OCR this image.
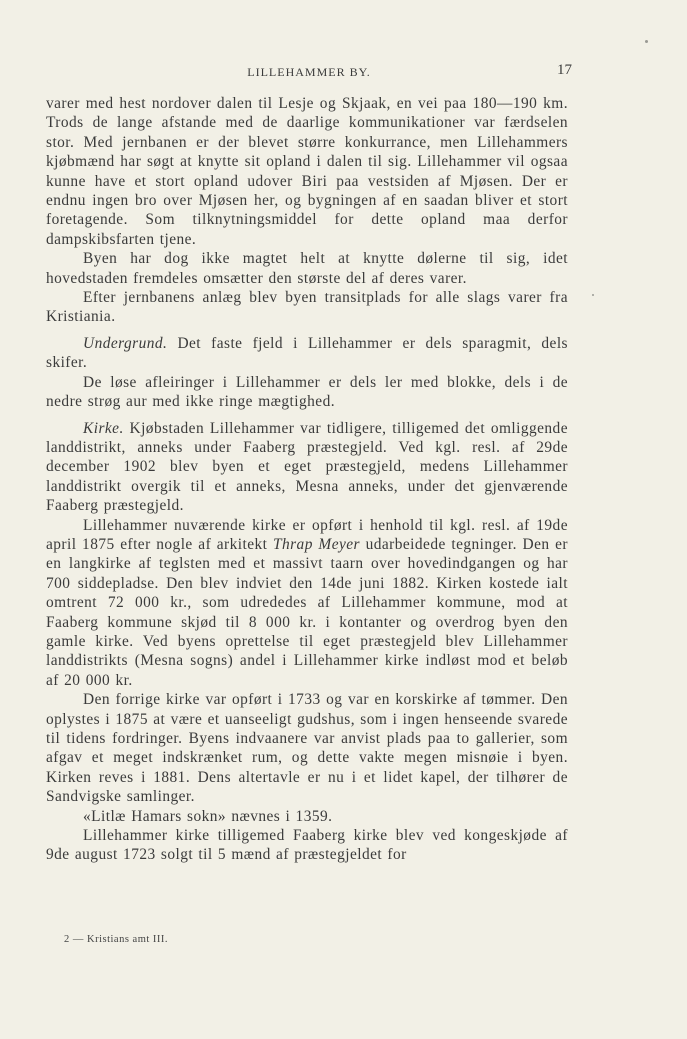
LILLEHAMMER BY.	17

varer med hest nordover dalen til Lesje og Skjaak, en vei paa 180—190 km. Trods de lange afstande med de daarlige kommunikationer var færdselen stor. Med jernbanen er der blevet større konkurrance, men Lillehammers kjøbmænd har søgt at knytte sit opland i dalen til sig. Lillehammer vil ogsaa kunne have et stort opland udover Biri paa vestsiden af Mjøsen. Der er endnu ingen bro over Mjøsen her, og bygningen af en saadan bliver et stort foretagende. Som tilknytningsmiddel for dette opland maa derfor dampskibsfarten tjene.

Byen har dog ikke magtet helt at knytte dølerne til sig, idet hovedstaden fremdeles omsætter den største del af deres varer.

Efter jernbanens anlæg blev byen transitplads for alle slags varer fra Kristiania.

Undergrund. Det faste fjeld i Lillehammer er dels sparagmit, dels skifer.

De løse afleiringer i Lillehammer er dels ler med blokke, dels i de nedre strøg aur med ikke ringe mægtighed.

Kirke. Kjøbstaden Lillehammer var tidligere, tilligemed det omliggende landdistrikt, anneks under Faaberg præstegjeld. Ved kgl. resl. af 29de december 1902 blev byen et eget præstegjeld, medens Lillehammer landdistrikt overgik til et anneks, Mesna anneks, under det gjenværende Faaberg præstegjeld.

Lillehammer nuværende kirke er opført i henhold til kgl. resl. af 19de april 1875 efter nogle af arkitekt Thrap Meyer udarbeidede tegninger. Den er en langkirke af teglsten med et massivt taarn over hovedindgangen og har 700 siddepladse. Den blev indviet den 14de juni 1882. Kirken kostede ialt omtrent 72 000 kr., som udrededes af Lillehammer kommune, mod at Faaberg kommune skjød til 8 000 kr. i kontanter og overdrog byen den gamle kirke. Ved byens oprettelse til eget præstegjeld blev Lillehammer landdistrikts (Mesna sogns) andel i Lillehammer kirke indløst mod et beløb af 20 000 kr.

Den forrige kirke var opført i 1733 og var en korskirke af tømmer. Den oplystes i 1875 at være et uanseeligt gudshus, som i ingen henseende svarede til tidens fordringer. Byens indvaanere var anvist plads paa to gallerier, som afgav et meget indskrænket rum, og dette vakte megen misnøie i byen. Kirken reves i 1881. Dens altertavle er nu i et lidet kapel, der tilhører de Sandvigske samlinger.

«Litlæ Hamars sokn» nævnes i 1359.

Lillehammer kirke tilligemed Faaberg kirke blev ved kongeskjøde af 9de august 1723 solgt til 5 mænd af præstegjeldet for

2 — Kristians amt III.
